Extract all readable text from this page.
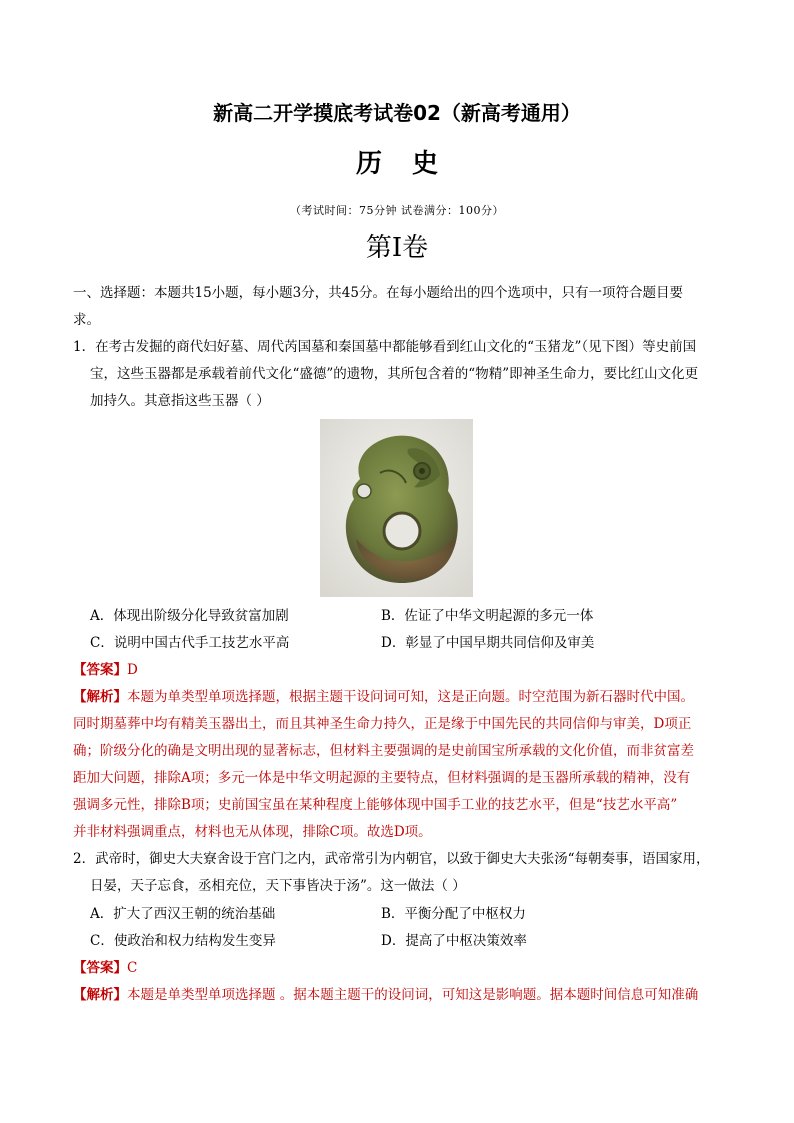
新高二开学摸底考试卷02（新高考通用）
历史
（考试时间：75分钟 试卷满分：100分）
第Ⅰ卷
一、选择题：本题共15小题，每小题3分，共45分。在每小题给出的四个选项中，只有一项符合题目要
求。
1．在考古发掘的商代妇好墓、周代芮国墓和秦国墓中都能够看到红山文化的“玉猪龙”（见下图）等史前国
宝，这些玉器都是承载着前代文化“盛德”的遗物，其所包含着的“物精”即神圣生命力，要比红山文化更
加持久。其意指这些玉器（ ）
A．体现出阶级分化导致贫富加剧	B．佐证了中华文明起源的多元一体
C．说明中国古代手工技艺水平高	D．彰显了中国早期共同信仰及审美
【答案】D
【解析】本题为单类型单项选择题，根据主题干设问词可知，这是正向题。时空范围为新石器时代中国。
同时期墓葬中均有精美玉器出土，而且其神圣生命力持久，正是缘于中国先民的共同信仰与审美，D项正
确；阶级分化的确是文明出现的显著标志，但材料主要强调的是史前国宝所承载的文化价值，而非贫富差
距加大问题，排除A项；多元一体是中华文明起源的主要特点，但材料强调的是玉器所承载的精神，没有
强调多元性，排除B项；史前国宝虽在某种程度上能够体现中国手工业的技艺水平，但是“技艺水平高”
并非材料强调重点，材料也无从体现，排除C项。故选D项。
2．武帝时，御史大夫寮舍设于宫门之内，武帝常引为内朝官，以致于御史大夫张汤“每朝奏事，语国家用，
日晏，天子忘食，丞相充位，天下事皆决于汤”。这一做法（ ）
A．扩大了西汉王朝的统治基础	B．平衡分配了中枢权力
C．使政治和权力结构发生变异	D．提高了中枢决策效率
【答案】C
【解析】本题是单类型单项选择题 。据本题主题干的设问词，可知这是影响题。据本题时间信息可知准确
